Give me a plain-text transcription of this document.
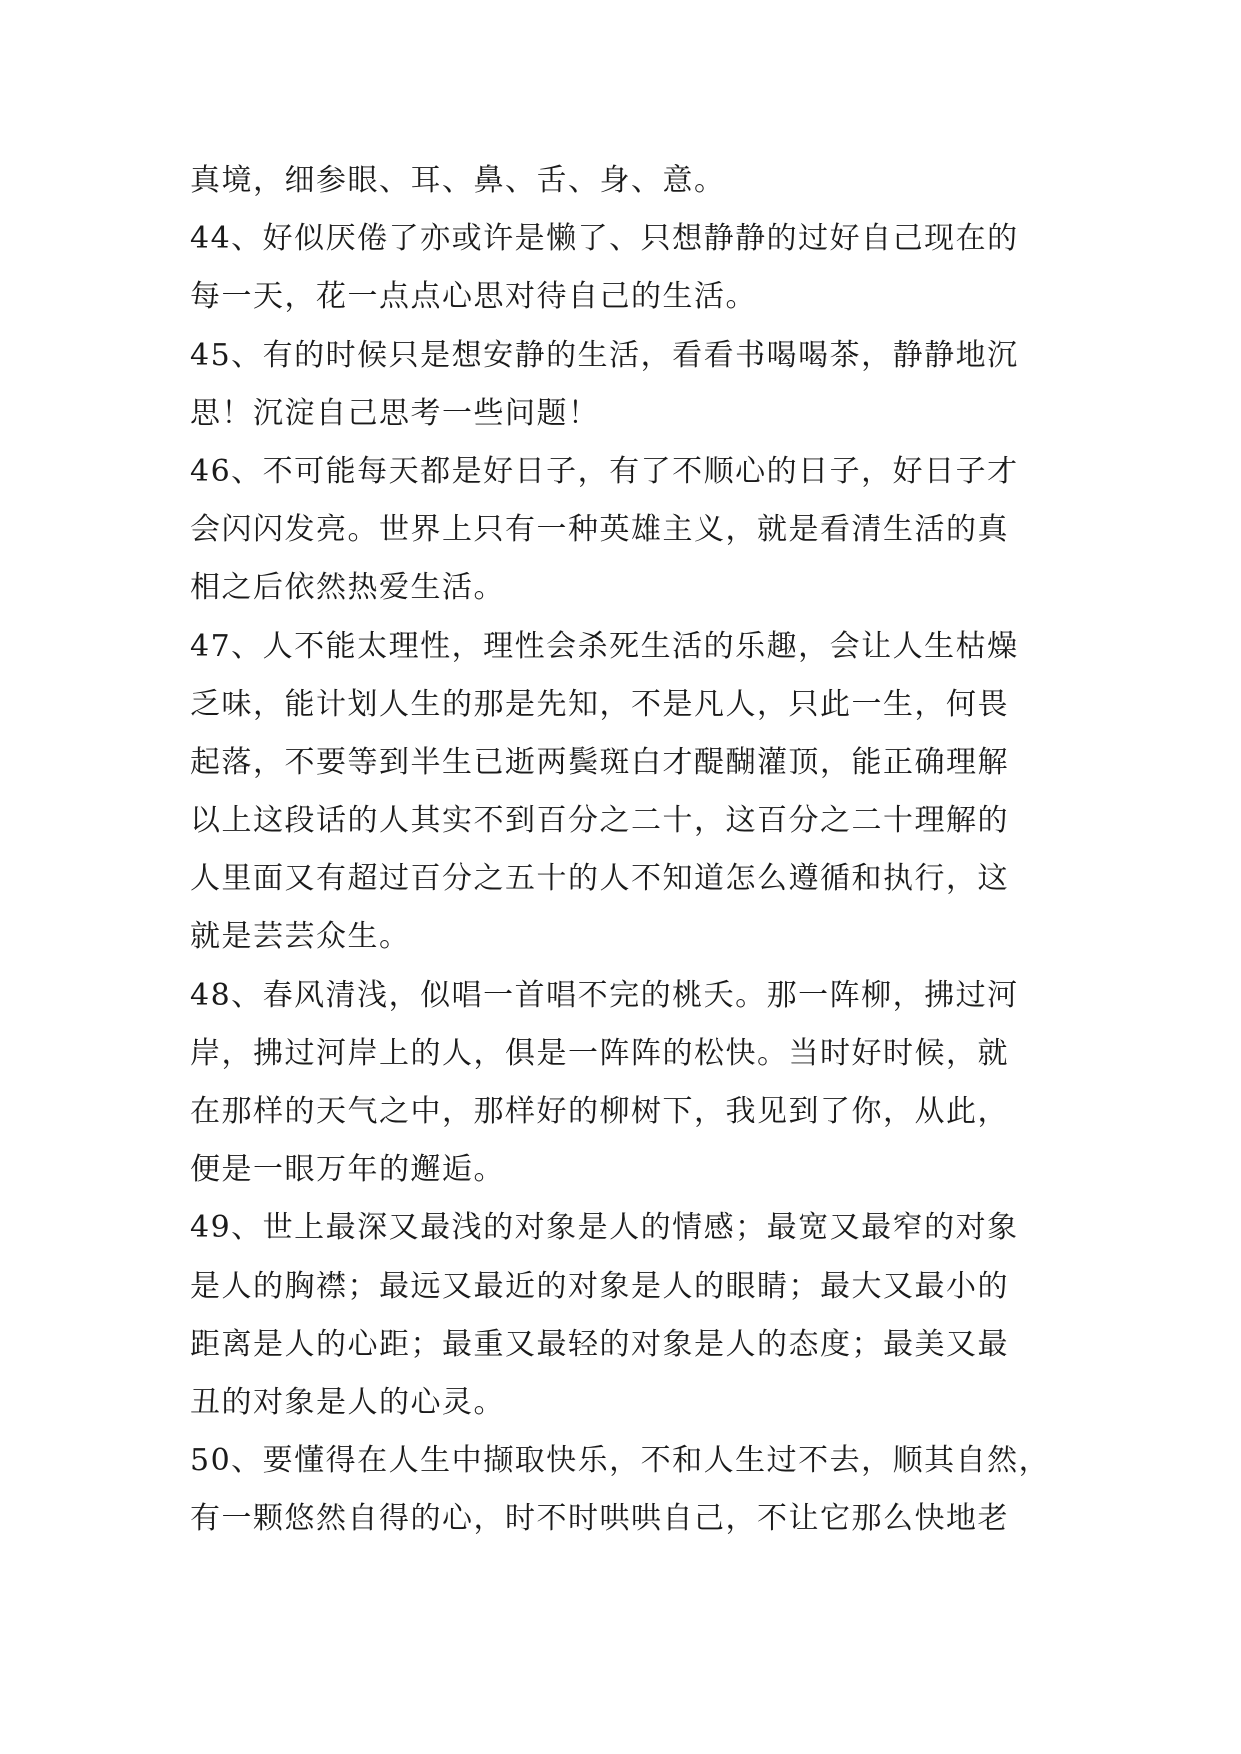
真境，细参眼、耳、鼻、舌、身、意。
44、好似厌倦了亦或许是懒了、只想静静的过好自己现在的
每一天，花一点点心思对待自己的生活。
45、有的时候只是想安静的生活，看看书喝喝茶，静静地沉
思！沉淀自己思考一些问题！
46、不可能每天都是好日子，有了不顺心的日子，好日子才
会闪闪发亮。世界上只有一种英雄主义，就是看清生活的真
相之后依然热爱生活。
47、人不能太理性，理性会杀死生活的乐趣，会让人生枯燥
乏味，能计划人生的那是先知，不是凡人，只此一生，何畏
起落，不要等到半生已逝两鬓斑白才醍醐灌顶，能正确理解
以上这段话的人其实不到百分之二十，这百分之二十理解的
人里面又有超过百分之五十的人不知道怎么遵循和执行，这
就是芸芸众生。
48、春风清浅，似唱一首唱不完的桃夭。那一阵柳，拂过河
岸，拂过河岸上的人，俱是一阵阵的松快。当时好时候，就
在那样的天气之中，那样好的柳树下，我见到了你，从此，
便是一眼万年的邂逅。
49、世上最深又最浅的对象是人的情感；最宽又最窄的对象
是人的胸襟；最远又最近的对象是人的眼睛；最大又最小的
距离是人的心距；最重又最轻的对象是人的态度；最美又最
丑的对象是人的心灵。
50、要懂得在人生中撷取快乐，不和人生过不去，顺其自然，
有一颗悠然自得的心，时不时哄哄自己，不让它那么快地老
